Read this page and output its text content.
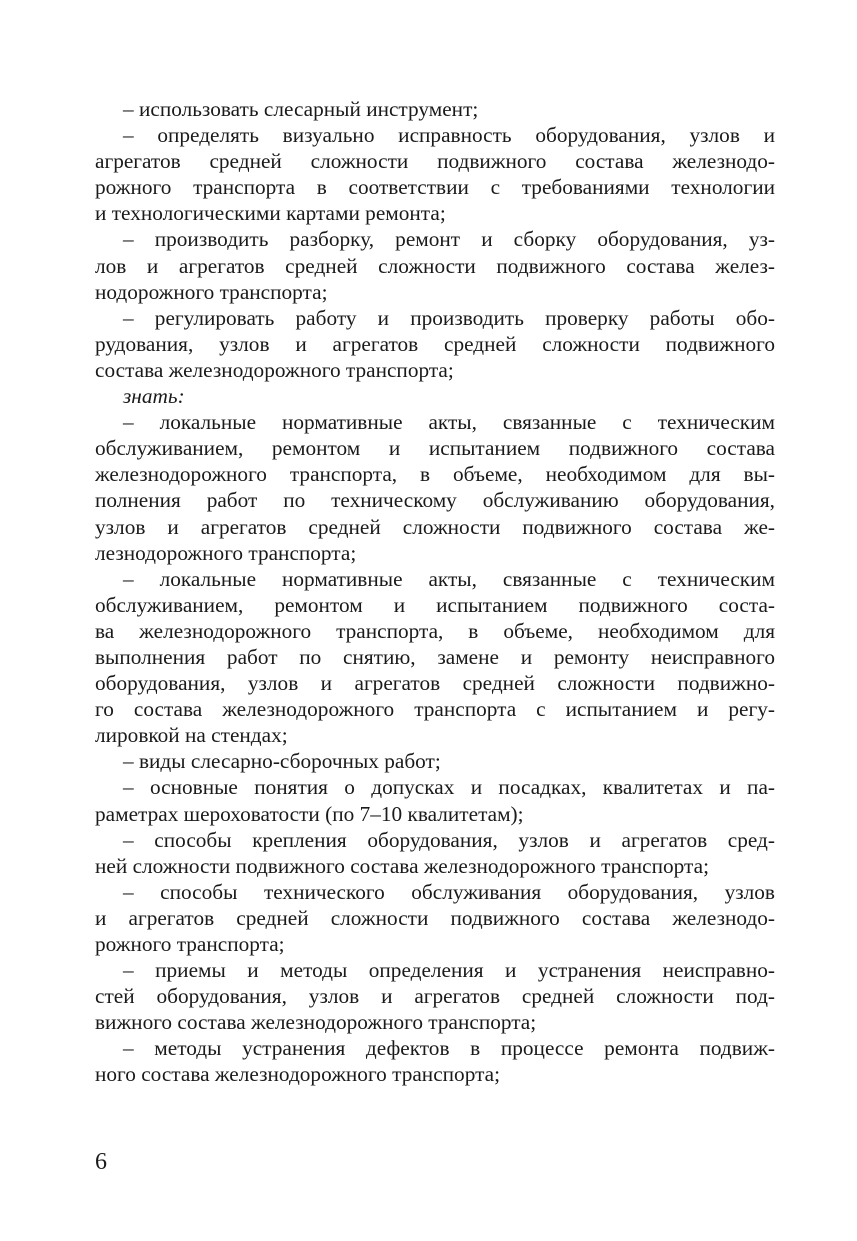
– использовать слесарный инструмент;

– определять визуально исправность оборудования, узлов и
агрегатов средней сложности подвижного состава железнодо-
рожного транспорта в соответствии с требованиями технологии
и технологическими картами ремонта;

– производить разборку, ремонт и сборку оборудования, уз-
лов и агрегатов средней сложности подвижного состава желез-
нодорожного транспорта;

– регулировать работу и производить проверку работы обо-
рудования, узлов и агрегатов средней сложности подвижного
состава железнодорожного транспорта;

знать:

– локальные нормативные акты, связанные с техническим
обслуживанием, ремонтом и испытанием подвижного состава
железнодорожного транспорта, в объеме, необходимом для вы-
полнения работ по техническому обслуживанию оборудования,
узлов и агрегатов средней сложности подвижного состава же-
лезнодорожного транспорта;

– локальные нормативные акты, связанные с техническим
обслуживанием, ремонтом и испытанием подвижного соста-
ва железнодорожного транспорта, в объеме, необходимом для
выполнения работ по снятию, замене и ремонту неисправного
оборудования, узлов и агрегатов средней сложности подвижно-
го состава железнодорожного транспорта с испытанием и регу-
лировкой на стендах;

– виды слесарно-сборочных работ;

– основные понятия о допусках и посадках, квалитетах и па-
раметрах шероховатости (по 7–10 квалитетам);

– способы крепления оборудования, узлов и агрегатов сред-
ней сложности подвижного состава железнодорожного транспорта;

– способы технического обслуживания оборудования, узлов
и агрегатов средней сложности подвижного состава железнодо-
рожного транспорта;

– приемы и методы определения и устранения неисправно-
стей оборудования, узлов и агрегатов средней сложности под-
вижного состава железнодорожного транспорта;

– методы устранения дефектов в процессе ремонта подвиж-
ного состава железнодорожного транспорта;

6
